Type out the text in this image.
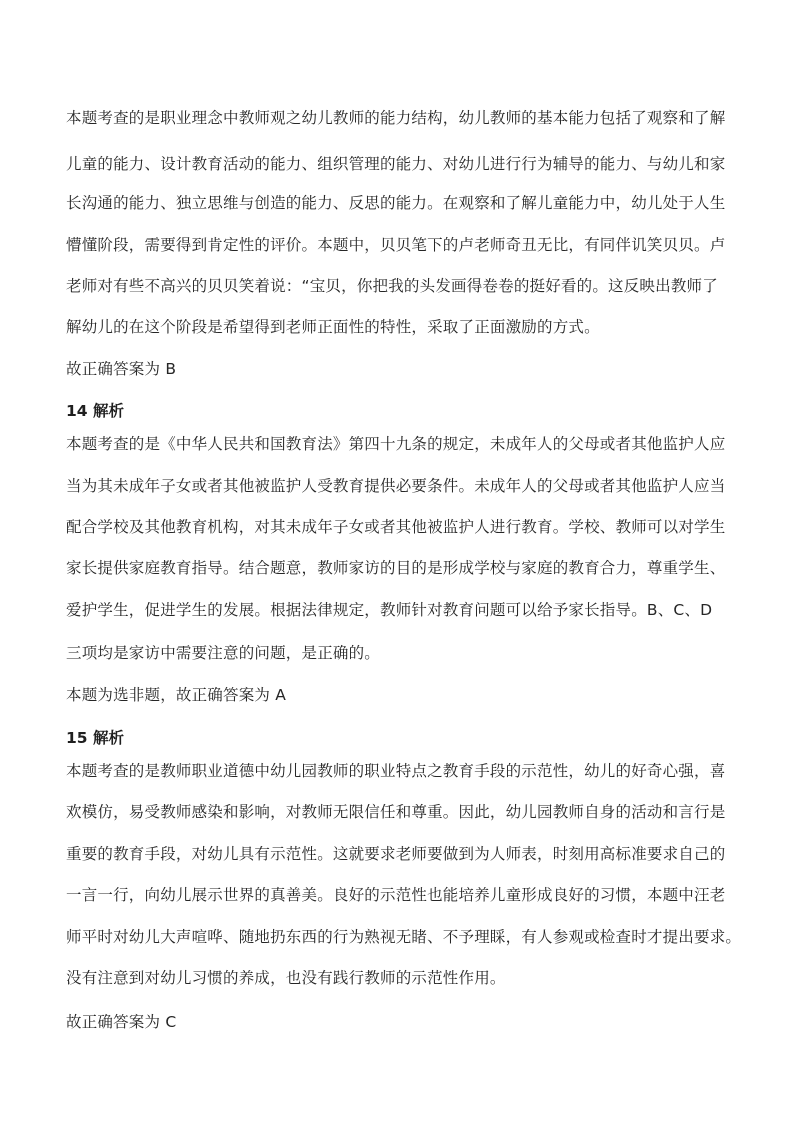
本题考查的是职业理念中教师观之幼儿教师的能力结构，幼儿教师的基本能力包括了观察和了解
儿童的能力、设计教育活动的能力、组织管理的能力、对幼儿进行行为辅导的能力、与幼儿和家
长沟通的能力、独立思维与创造的能力、反思的能力。在观察和了解儿童能力中，幼儿处于人生
懵懂阶段，需要得到肯定性的评价。本题中，贝贝笔下的卢老师奇丑无比，有同伴讥笑贝贝。卢
老师对有些不高兴的贝贝笑着说：“宝贝，你把我的头发画得卷卷的挺好看的。这反映出教师了
解幼儿的在这个阶段是希望得到老师正面性的特性，采取了正面激励的方式。
故正确答案为 B
14 解析
本题考查的是《中华人民共和国教育法》第四十九条的规定，未成年人的父母或者其他监护人应
当为其未成年子女或者其他被监护人受教育提供必要条件。未成年人的父母或者其他监护人应当
配合学校及其他教育机构，对其未成年子女或者其他被监护人进行教育。学校、教师可以对学生
家长提供家庭教育指导。结合题意，教师家访的目的是形成学校与家庭的教育合力，尊重学生、
爱护学生，促进学生的发展。根据法律规定，教师针对教育问题可以给予家长指导。B、C、D
三项均是家访中需要注意的问题，是正确的。
本题为选非题，故正确答案为 A
15 解析
本题考查的是教师职业道德中幼儿园教师的职业特点之教育手段的示范性，幼儿的好奇心强，喜
欢模仿，易受教师感染和影响，对教师无限信任和尊重。因此，幼儿园教师自身的活动和言行是
重要的教育手段，对幼儿具有示范性。这就要求老师要做到为人师表，时刻用高标准要求自己的
一言一行，向幼儿展示世界的真善美。良好的示范性也能培养儿童形成良好的习惯，本题中汪老
师平时对幼儿大声喧哗、随地扔东西的行为熟视无睹、不予理睬，有人参观或检查时才提出要求。
没有注意到对幼儿习惯的养成，也没有践行教师的示范性作用。
故正确答案为 C
